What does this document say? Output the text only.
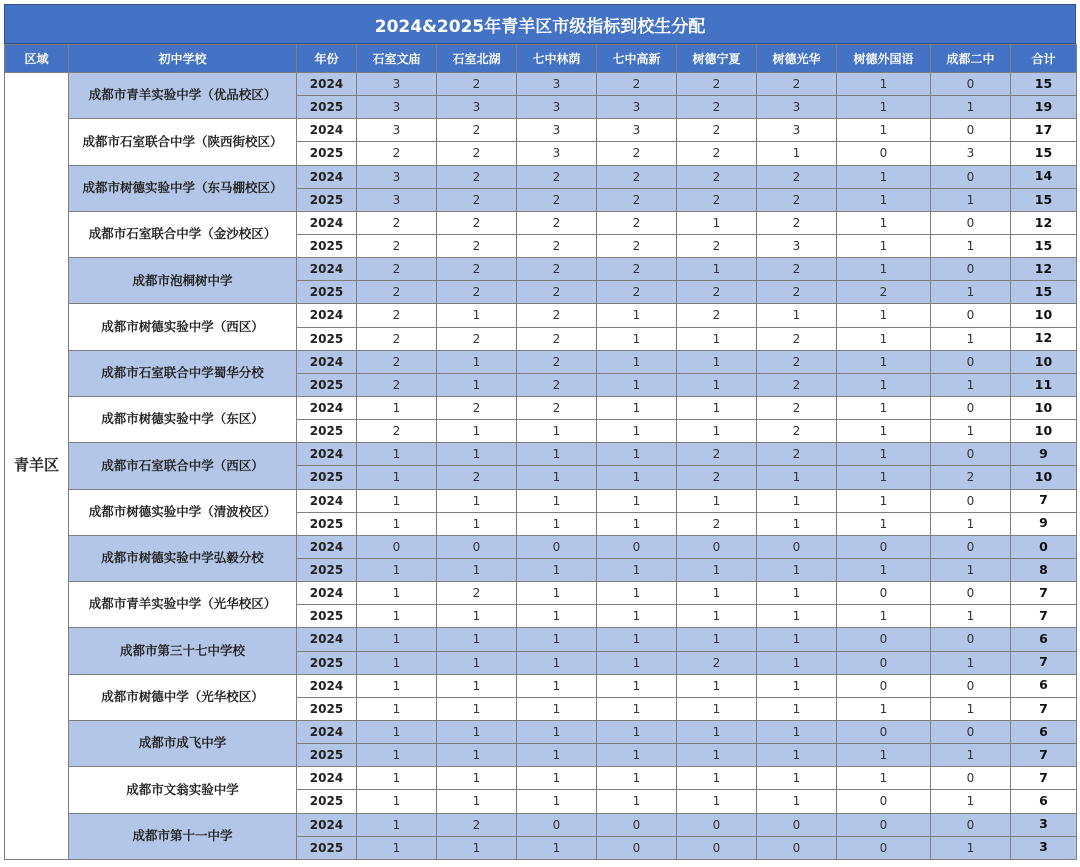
2024&2025年青羊区市级指标到校生分配
区域	初中学校	年份	石室文庙	石室北湖	七中林荫	七中高新	树德宁夏	树德光华	树德外国语	成都二中	合计
青羊区	成都市青羊实验中学（优品校区）	2024	3	2	3	2	2	2	1	0	15
		2025	3	3	3	3	2	3	1	1	19
	成都市石室联合中学（陕西街校区）	2024	3	2	3	3	2	3	1	0	17
		2025	2	2	3	2	2	1	0	3	15
	成都市树德实验中学（东马棚校区）	2024	3	2	2	2	2	2	1	0	14
		2025	3	2	2	2	2	2	1	1	15
	成都市石室联合中学（金沙校区）	2024	2	2	2	2	1	2	1	0	12
		2025	2	2	2	2	2	3	1	1	15
	成都市泡桐树中学	2024	2	2	2	2	1	2	1	0	12
		2025	2	2	2	2	2	2	2	1	15
	成都市树德实验中学（西区）	2024	2	1	2	1	2	1	1	0	10
		2025	2	2	2	1	1	2	1	1	12
	成都市石室联合中学蜀华分校	2024	2	1	2	1	1	2	1	0	10
		2025	2	1	2	1	1	2	1	1	11
	成都市树德实验中学（东区）	2024	1	2	2	1	1	2	1	0	10
		2025	2	1	1	1	1	2	1	1	10
	成都市石室联合中学（西区）	2024	1	1	1	1	2	2	1	0	9
		2025	1	2	1	1	2	1	1	2	10
	成都市树德实验中学（清波校区）	2024	1	1	1	1	1	1	1	0	7
		2025	1	1	1	1	2	1	1	1	9
	成都市树德实验中学弘毅分校	2024	0	0	0	0	0	0	0	0	0
		2025	1	1	1	1	1	1	1	1	8
	成都市青羊实验中学（光华校区）	2024	1	2	1	1	1	1	0	0	7
		2025	1	1	1	1	1	1	1	1	7
	成都市第三十七中学校	2024	1	1	1	1	1	1	0	0	6
		2025	1	1	1	1	2	1	0	1	7
	成都市树德中学（光华校区）	2024	1	1	1	1	1	1	0	0	6
		2025	1	1	1	1	1	1	1	1	7
	成都市成飞中学	2024	1	1	1	1	1	1	0	0	6
		2025	1	1	1	1	1	1	1	1	7
	成都市文翁实验中学	2024	1	1	1	1	1	1	1	0	7
		2025	1	1	1	1	1	1	0	1	6
	成都市第十一中学	2024	1	2	0	0	0	0	0	0	3
		2025	1	1	1	0	0	0	0	1	3
